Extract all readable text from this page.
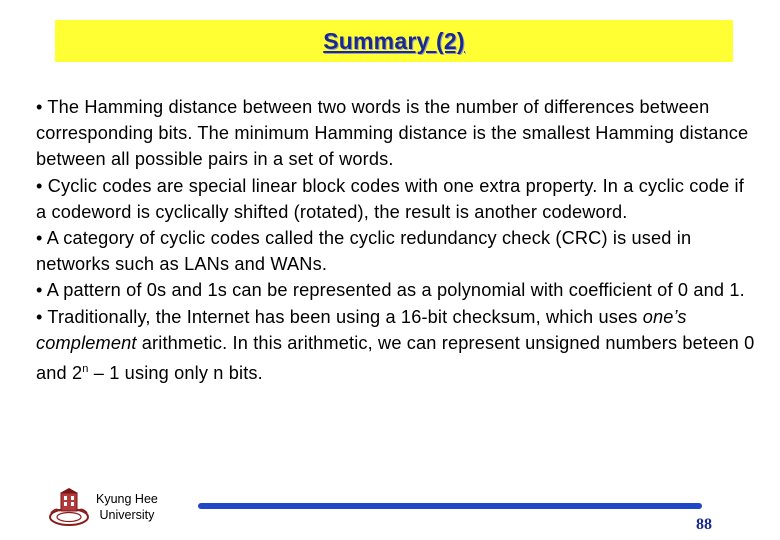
Summary (2)

• The Hamming distance between two words is the number of differences between corresponding bits. The minimum Hamming distance is the smallest Hamming distance between all possible pairs in a set of words.

• Cyclic codes are special linear block codes with one extra property. In a cyclic code if a codeword is cyclically shifted (rotated), the result is another codeword.

• A category of cyclic codes called the cyclic redundancy check (CRC) is used in networks such as LANs and WANs.

• A pattern of 0s and 1s can be represented as a polynomial with coefficient of 0 and 1.

• Traditionally, the Internet has been using a 16-bit checksum, which uses one’s complement arithmetic. In this arithmetic, we can represent unsigned numbers beteen 0 and 2$^n$ – 1 using only n bits.

Kyung Hee
University
88
